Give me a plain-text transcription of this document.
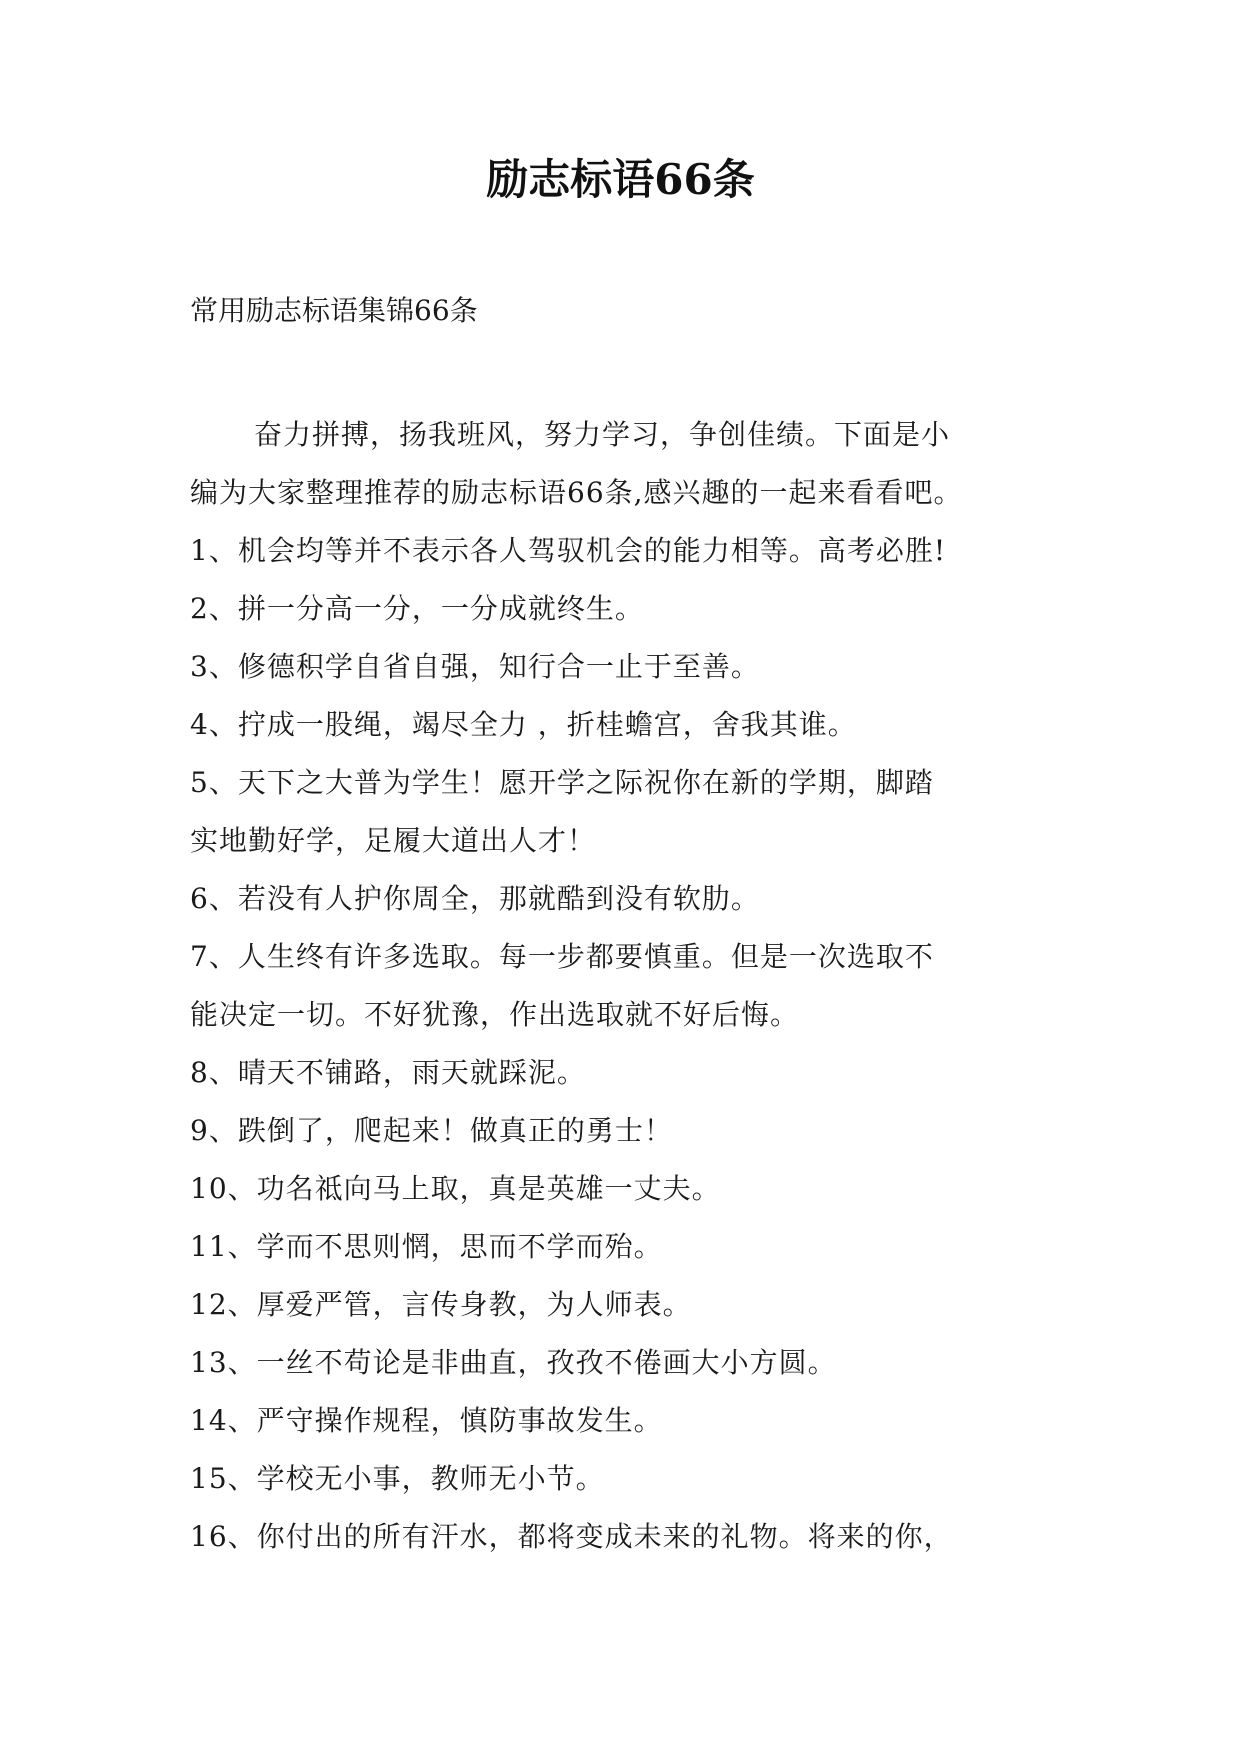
励志标语66条

常用励志标语集锦66条

奋力拼搏，扬我班风，努力学习，争创佳绩。下面是小
编为大家整理推荐的励志标语66条,感兴趣的一起来看看吧。
1、机会均等并不表示各人驾驭机会的能力相等。高考必胜!
2、拼一分高一分，一分成就终生。
3、修德积学自省自强，知行合一止于至善。
4、拧成一股绳，竭尽全力 ，折桂蟾宫，舍我其谁。
5、天下之大普为学生！愿开学之际祝你在新的学期，脚踏
实地勤好学，足履大道出人才！
6、若没有人护你周全，那就酷到没有软肋。
7、人生终有许多选取。每一步都要慎重。但是一次选取不
能决定一切。不好犹豫，作出选取就不好后悔。
8、晴天不铺路，雨天就踩泥。
9、跌倒了，爬起来！做真正的勇士！
10、功名祗向马上取，真是英雄一丈夫。
11、学而不思则惘，思而不学而殆。
12、厚爱严管，言传身教，为人师表。
13、一丝不苟论是非曲直，孜孜不倦画大小方圆。
14、严守操作规程，慎防事故发生。
15、学校无小事，教师无小节。
16、你付出的所有汗水，都将变成未来的礼物。将来的你，
